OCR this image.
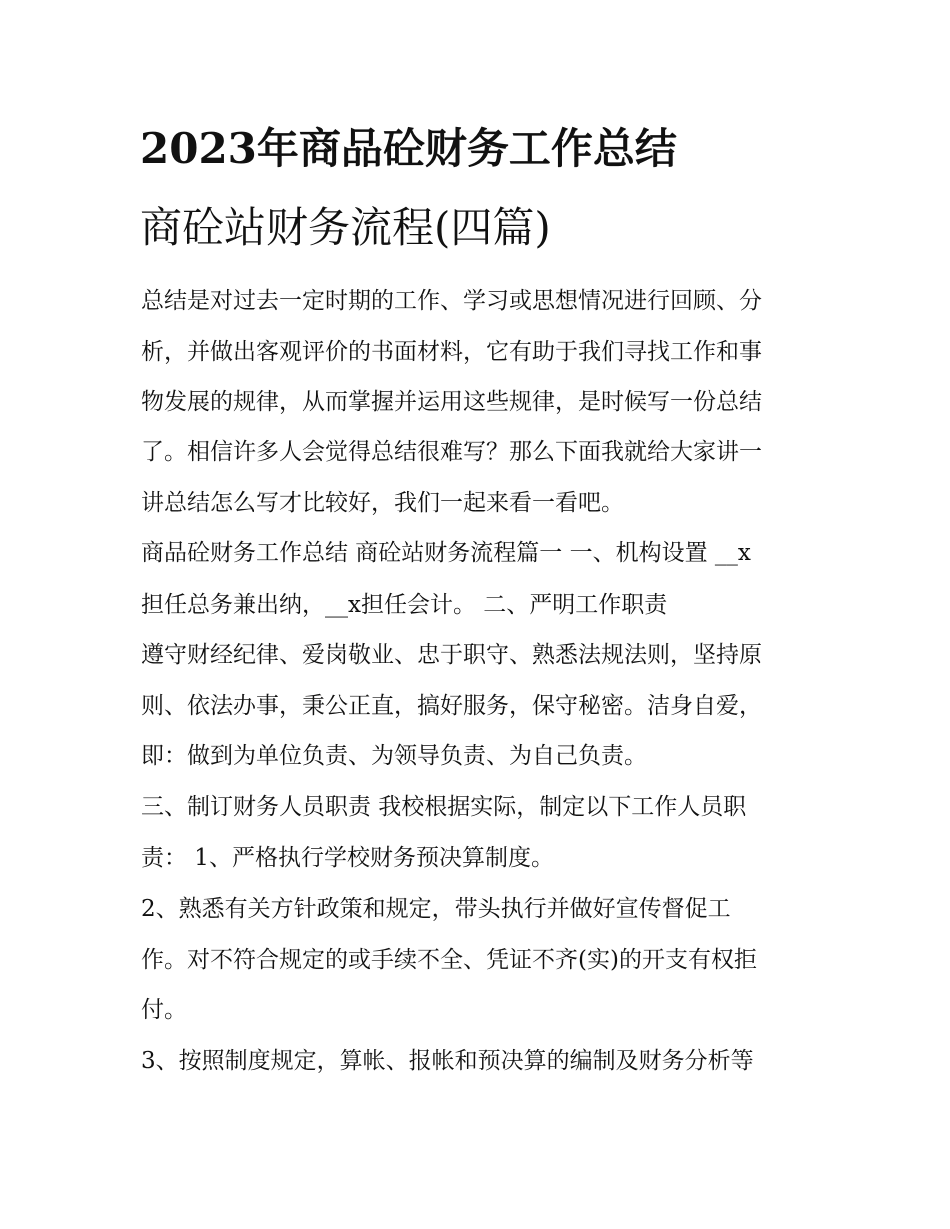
2023年商品砼财务工作总结
商砼站财务流程(四篇)
总结是对过去一定时期的工作、学习或思想情况进行回顾、分
析，并做出客观评价的书面材料，它有助于我们寻找工作和事
物发展的规律，从而掌握并运用这些规律，是时候写一份总结
了。相信许多人会觉得总结很难写？那么下面我就给大家讲一
讲总结怎么写才比较好，我们一起来看一看吧。
商品砼财务工作总结 商砼站财务流程篇一 一、机构设置 __x
担任总务兼出纳，__x担任会计。 二、严明工作职责
遵守财经纪律、爱岗敬业、忠于职守、熟悉法规法则，坚持原
则、依法办事，秉公正直，搞好服务，保守秘密。洁身自爱，
即：做到为单位负责、为领导负责、为自己负责。
三、制订财务人员职责 我校根据实际，制定以下工作人员职
责： 1、严格执行学校财务预决算制度。
2、熟悉有关方针政策和规定，带头执行并做好宣传督促工
作。对不符合规定的或手续不全、凭证不齐(实)的开支有权拒
付。
3、按照制度规定，算帐、报帐和预决算的编制及财务分析等
